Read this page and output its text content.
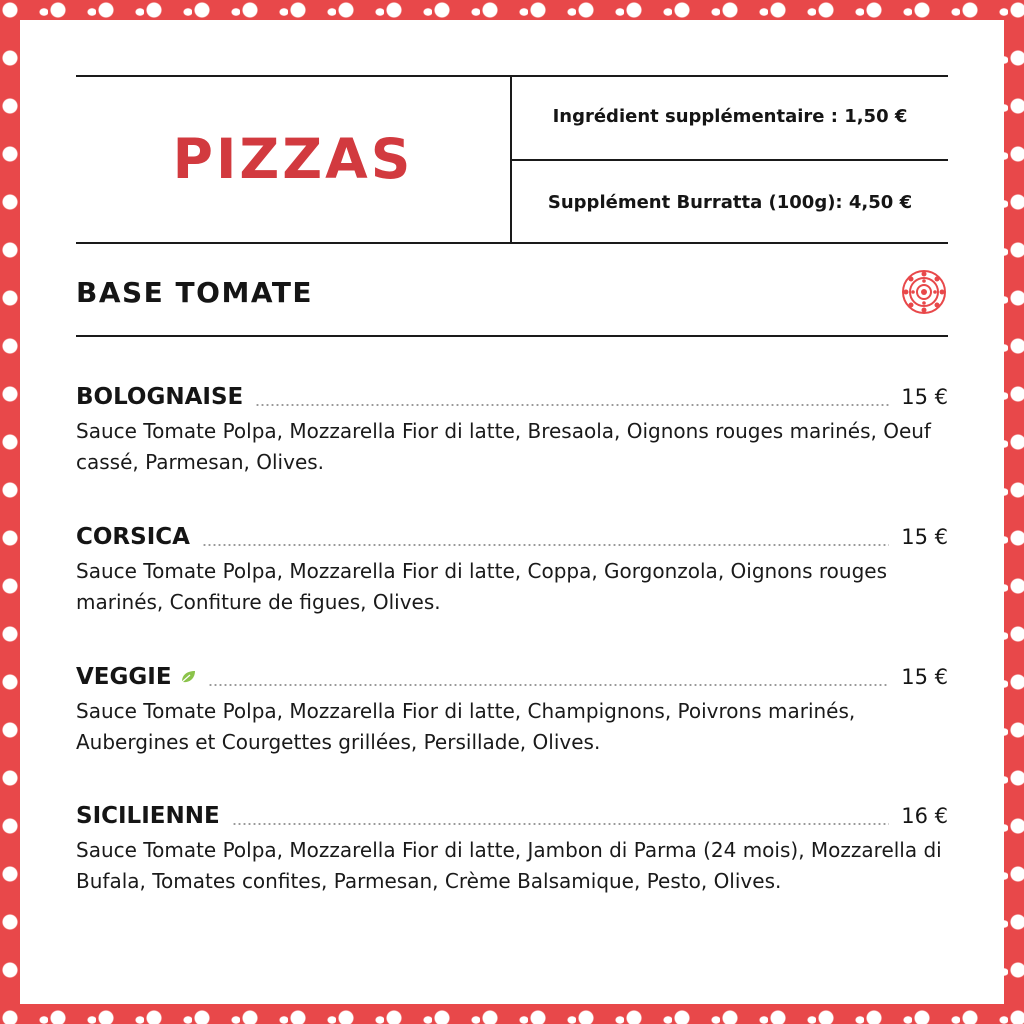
PIZZAS
Ingrédient supplémentaire : 1,50 €
Supplément Burratta (100g): 4,50 €
BASE TOMATE
BOLOGNAISE	15 €
Sauce Tomate Polpa, Mozzarella Fior di latte, Bresaola, Oignons rouges marinés, Oeuf cassé, Parmesan, Olives.
CORSICA	15 €
Sauce Tomate Polpa, Mozzarella Fior di latte, Coppa, Gorgonzola, Oignons rouges marinés, Confiture de figues, Olives.
VEGGIE	15 €
Sauce Tomate Polpa, Mozzarella Fior di latte, Champignons, Poivrons marinés, Aubergines et Courgettes grillées, Persillade, Olives.
SICILIENNE	16 €
Sauce Tomate Polpa, Mozzarella Fior di latte, Jambon di Parma (24 mois), Mozzarella di Bufala, Tomates confites, Parmesan, Crème Balsamique, Pesto, Olives.
